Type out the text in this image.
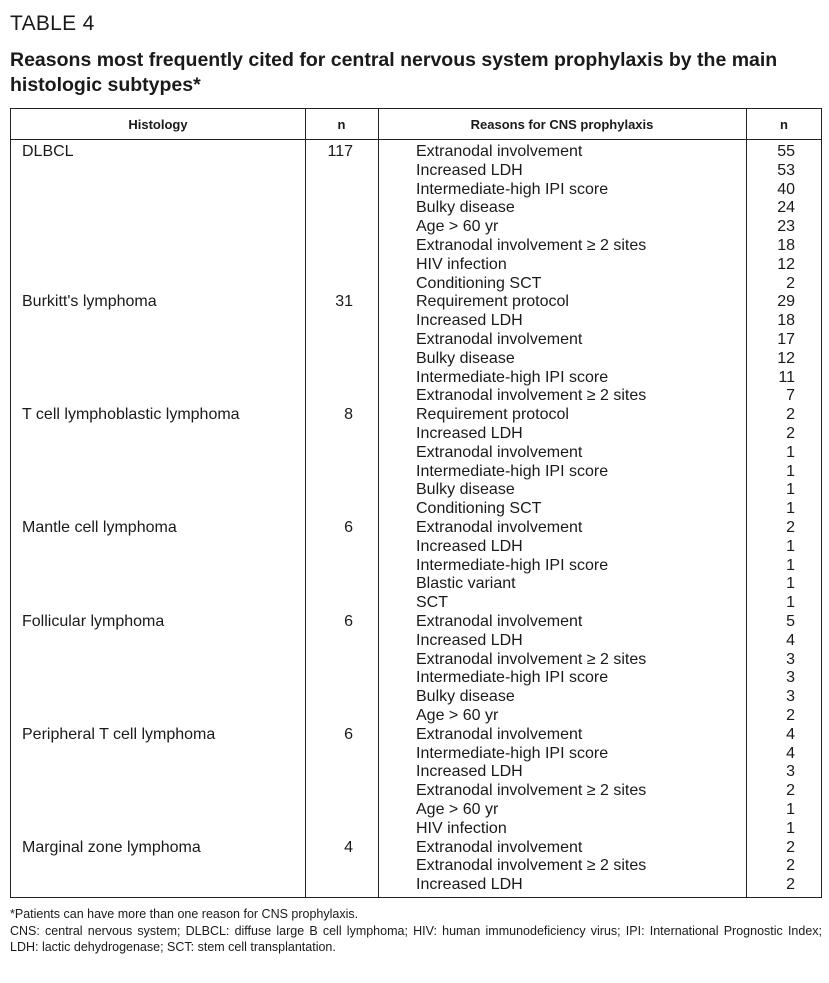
TABLE 4
Reasons most frequently cited for central nervous system prophylaxis by the main histologic subtypes*
Histology	n	Reasons for CNS prophylaxis	n
DLBCL	117	Extranodal involvement	55
Increased LDH	53
Intermediate-high IPI score	40
Bulky disease	24
Age > 60 yr	23
Extranodal involvement ≥ 2 sites	18
HIV infection	12
Conditioning SCT	2
Burkitt's lymphoma	31	Requirement protocol	29
Increased LDH	18
Extranodal involvement	17
Bulky disease	12
Intermediate-high IPI score	11
Extranodal involvement ≥ 2 sites	7
T cell lymphoblastic lymphoma	8	Requirement protocol	2
Increased LDH	2
Extranodal involvement	1
Intermediate-high IPI score	1
Bulky disease	1
Conditioning SCT	1
Mantle cell lymphoma	6	Extranodal involvement	2
Increased LDH	1
Intermediate-high IPI score	1
Blastic variant	1
SCT	1
Follicular lymphoma	6	Extranodal involvement	5
Increased LDH	4
Extranodal involvement ≥ 2 sites	3
Intermediate-high IPI score	3
Bulky disease	3
Age > 60 yr	2
Peripheral T cell lymphoma	6	Extranodal involvement	4
Intermediate-high IPI score	4
Increased LDH	3
Extranodal involvement ≥ 2 sites	2
Age > 60 yr	1
HIV infection	1
Marginal zone lymphoma	4	Extranodal involvement	2
Extranodal involvement ≥ 2 sites	2
Increased LDH	2

*Patients can have more than one reason for CNS prophylaxis.

CNS: central nervous system; DLBCL: diffuse large B cell lymphoma; HIV: human immunodeficiency virus; IPI: International Prognostic Index; LDH: lactic dehydrogenase; SCT: stem cell transplantation.
